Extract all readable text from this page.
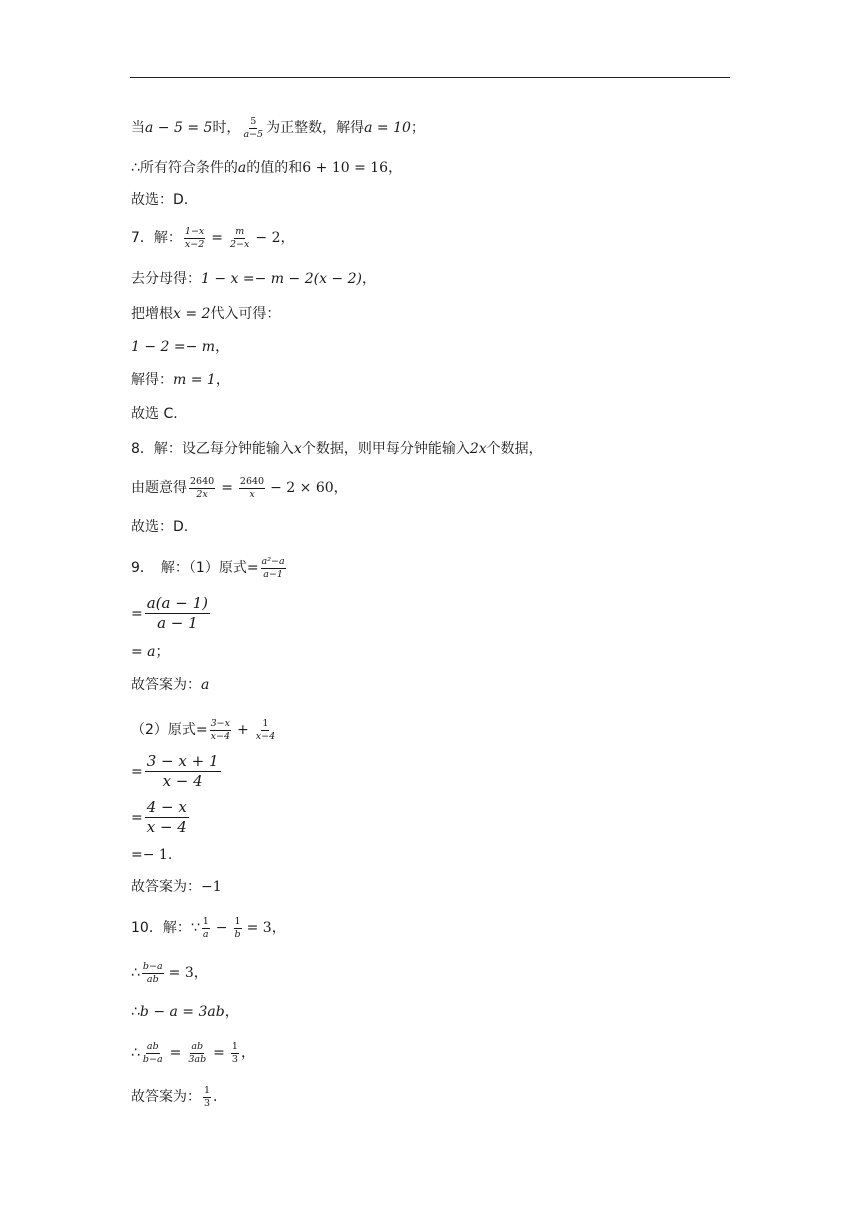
当 a − 5 = 5 时， 5
a−5 为正整数，解得 a = 10 ；
∴所有符合条件的 a 的值的和 6 + 10 = 16 ，
故选：D.
7．解： $\frac{1-x}{x-2} = \frac{m}{2-x} - 2$ ，
去分母得： 1 − x =− m − 2(x − 2) ，
把增根 x = 2 代入可得：
1 − 2 =− m ，
解得： m = 1 ，
故选 C.
8．解：设乙每分钟能输入 x 个数据，则甲每分钟能输入 2x 个数据，
由题意得 $\frac{2640}{2x} = \frac{2640}{x} - 2 \times 60$ ，
故选：D.
9．　解：（1）原式= $\frac{\text{a²−a}}{a-1}$
= $\frac{a(a - 1)}{a - 1}$
= a ；
故答案为： a
（2）原式= $\frac{3-x}{x-4} + \frac{1}{x-4}$
= $\frac{3 - x + 1}{x - 4}$
= $\frac{4 - x}{x - 4}$
=− 1 .
故答案为： −1
10．解：∵ 1
$a - \frac{1}{b} = 3$ ，
∴ $\frac{b-a}{ab} = 3$ ，
∴ b − a = 3ab ，
∴ $\frac{ab}{b-a} = \frac{ab}{3ab} = \frac{1}{3}$ ，
故答案为： 1
3 .
